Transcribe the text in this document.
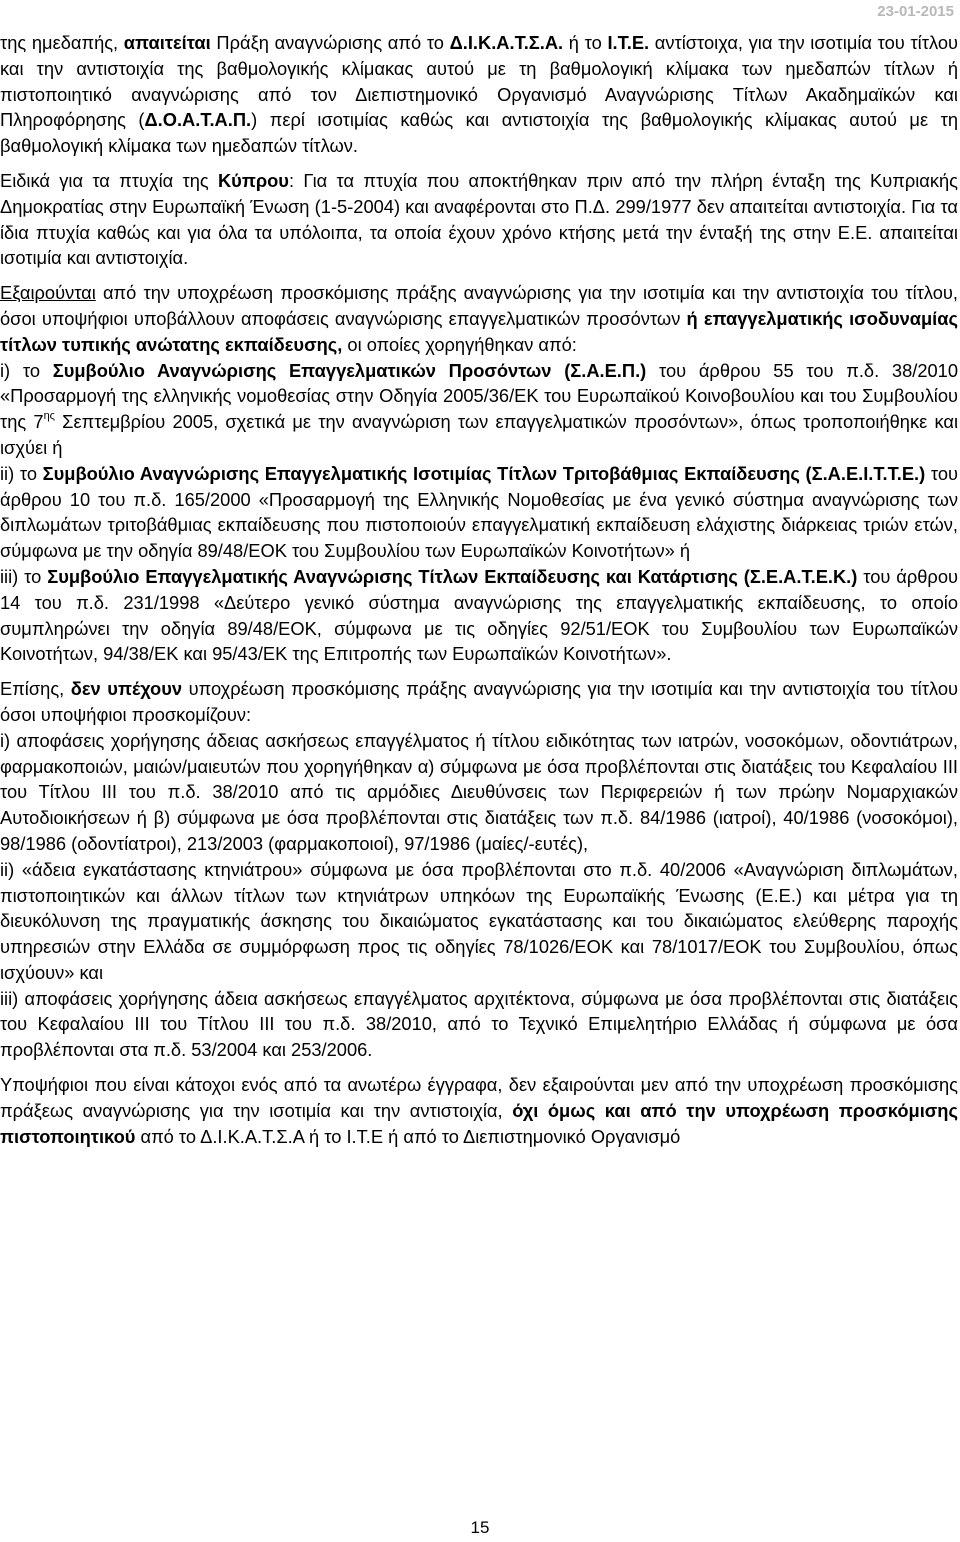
23-01-2015

της ημεδαπής, απαιτείται Πράξη αναγνώρισης από το Δ.Ι.Κ.Α.Τ.Σ.Α. ή το Ι.Τ.Ε. αντίστοιχα, για την ισοτιμία του τίτλου και την αντιστοιχία της βαθμολογικής κλίμακας αυτού με τη βαθμολογική κλίμακα των ημεδαπών τίτλων ή πιστοποιητικό αναγνώρισης από τον Διεπιστημονικό Οργανισμό Αναγνώρισης Τίτλων Ακαδημαϊκών και Πληροφόρησης (Δ.Ο.Α.Τ.Α.Π.) περί ισοτιμίας καθώς και αντιστοιχία της βαθμολογικής κλίμακας αυτού με τη βαθμολογική κλίμακα των ημεδαπών τίτλων.

Ειδικά για τα πτυχία της Κύπρου: Για τα πτυχία που αποκτήθηκαν πριν από την πλήρη ένταξη της Κυπριακής Δημοκρατίας στην Ευρωπαϊκή Ένωση (1-5-2004) και αναφέρονται στο Π.Δ. 299/1977 δεν απαιτείται αντιστοιχία. Για τα ίδια πτυχία καθώς και για όλα τα υπόλοιπα, τα οποία έχουν χρόνο κτήσης μετά την ένταξή της στην Ε.Ε. απαιτείται ισοτιμία και αντιστοιχία.

Εξαιρούνται από την υποχρέωση προσκόμισης πράξης αναγνώρισης για την ισοτιμία και την αντιστοιχία του τίτλου, όσοι υποψήφιοι υποβάλλουν αποφάσεις αναγνώρισης επαγγελματικών προσόντων ή επαγγελματικής ισοδυναμίας τίτλων τυπικής ανώτατης εκπαίδευσης, οι οποίες χορηγήθηκαν από:

i) το Συμβούλιο Αναγνώρισης Επαγγελματικών Προσόντων (Σ.Α.Ε.Π.) του άρθρου 55 του π.δ. 38/2010 «Προσαρμογή της ελληνικής νομοθεσίας στην Οδηγία 2005/36/ΕΚ του Ευρωπαϊκού Κοινοβουλίου και του Συμβουλίου της $7^{\eta\varsigma}$ Σεπτεμβρίου 2005, σχετικά με την αναγνώριση των επαγγελματικών προσόντων», όπως τροποποιήθηκε και ισχύει ή

ii) το Συμβούλιο Αναγνώρισης Επαγγελματικής Ισοτιμίας Τίτλων Τριτοβάθμιας Εκπαίδευσης (Σ.Α.Ε.Ι.Τ.Τ.Ε.) του άρθρου 10 του π.δ. 165/2000 «Προσαρμογή της Ελληνικής Νομοθεσίας με ένα γενικό σύστημα αναγνώρισης των διπλωμάτων τριτοβάθμιας εκπαίδευσης που πιστοποιούν επαγγελματική εκπαίδευση ελάχιστης διάρκειας τριών ετών, σύμφωνα με την οδηγία 89/48/ΕΟΚ του Συμβουλίου των Ευρωπαϊκών Κοινοτήτων» ή

iii) το Συμβούλιο Επαγγελματικής Αναγνώρισης Τίτλων Εκπαίδευσης και Κατάρτισης (Σ.Ε.Α.Τ.Ε.Κ.) του άρθρου 14 του π.δ. 231/1998 «Δεύτερο γενικό σύστημα αναγνώρισης της επαγγελματικής εκπαίδευσης, το οποίο συμπληρώνει την οδηγία 89/48/ΕΟΚ, σύμφωνα με τις οδηγίες 92/51/ΕΟΚ του Συμβουλίου των Ευρωπαϊκών Κοινοτήτων, 94/38/ΕΚ και 95/43/ΕΚ της Επιτροπής των Ευρωπαϊκών Κοινοτήτων».

Επίσης, δεν υπέχουν υποχρέωση προσκόμισης πράξης αναγνώρισης για την ισοτιμία και την αντιστοιχία του τίτλου όσοι υποψήφιοι προσκομίζουν:

i) αποφάσεις χορήγησης άδειας ασκήσεως επαγγέλματος ή τίτλου ειδικότητας των ιατρών, νοσοκόμων, οδοντιάτρων, φαρμακοποιών, μαιών/μαιευτών που χορηγήθηκαν α) σύμφωνα με όσα προβλέπονται στις διατάξεις του Κεφαλαίου ΙΙΙ του Τίτλου ΙΙΙ του π.δ. 38/2010 από τις αρμόδιες Διευθύνσεις των Περιφερειών ή των πρώην Νομαρχιακών Αυτοδιοικήσεων ή β) σύμφωνα με όσα προβλέπονται στις διατάξεις των π.δ. 84/1986 (ιατροί), 40/1986 (νοσοκόμοι), 98/1986 (οδοντίατροι), 213/2003 (φαρμακοποιοί), 97/1986 (μαίες/-ευτές),

ii) «άδεια εγκατάστασης κτηνιάτρου» σύμφωνα με όσα προβλέπονται στο π.δ. 40/2006 «Αναγνώριση διπλωμάτων, πιστοποιητικών και άλλων τίτλων των κτηνιάτρων υπηκόων της Ευρωπαϊκής Ένωσης (Ε.Ε.) και μέτρα για τη διευκόλυνση της πραγματικής άσκησης του δικαιώματος εγκατάστασης και του δικαιώματος ελεύθερης παροχής υπηρεσιών στην Ελλάδα σε συμμόρφωση προς τις οδηγίες 78/1026/ΕΟΚ και 78/1017/ΕΟΚ του Συμβουλίου, όπως ισχύουν» και

iii) αποφάσεις χορήγησης άδεια ασκήσεως επαγγέλματος αρχιτέκτονα, σύμφωνα με όσα προβλέπονται στις διατάξεις του Κεφαλαίου ΙΙΙ του Τίτλου ΙΙΙ του π.δ. 38/2010, από το Τεχνικό Επιμελητήριο Ελλάδας ή σύμφωνα με όσα προβλέπονται στα π.δ. 53/2004 και 253/2006.

Υποψήφιοι που είναι κάτοχοι ενός από τα ανωτέρω έγγραφα, δεν εξαιρούνται μεν από την υποχρέωση προσκόμισης πράξεως αναγνώρισης για την ισοτιμία και την αντιστοιχία, όχι όμως και από την υποχρέωση προσκόμισης πιστοποιητικού από το Δ.Ι.Κ.Α.Τ.Σ.Α ή το Ι.Τ.Ε ή από το Διεπιστημονικό Οργανισμό

15
